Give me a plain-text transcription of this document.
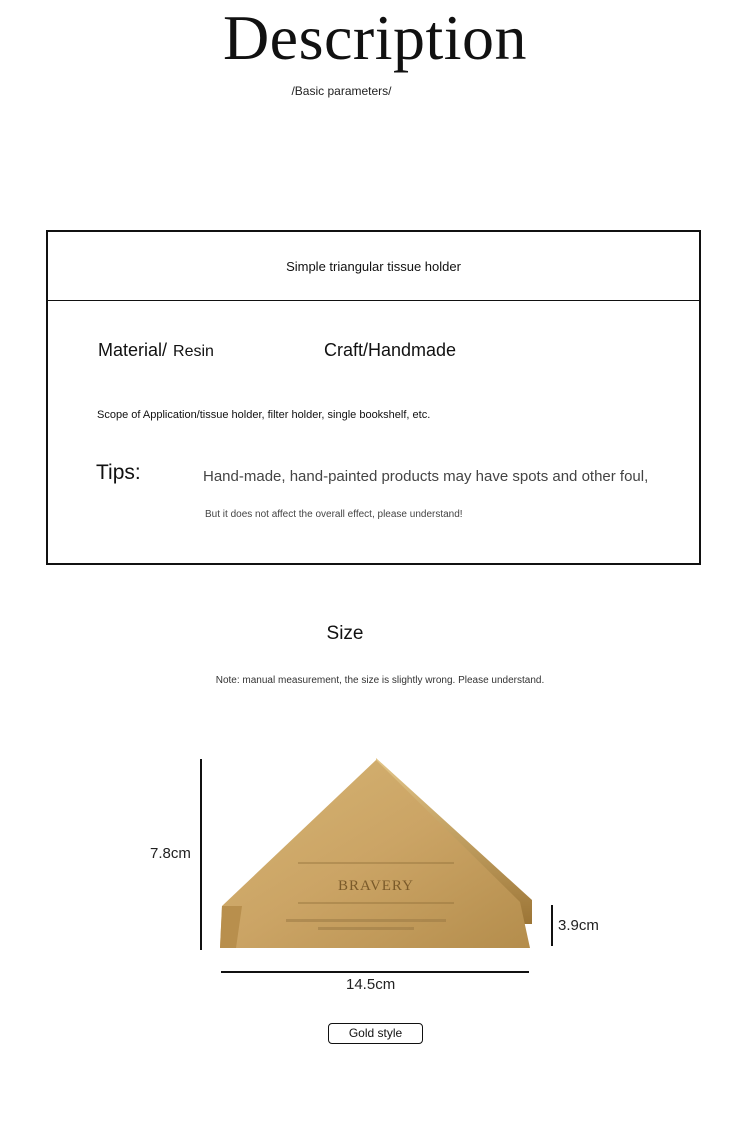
Description
/Basic parameters/
Simple triangular tissue holder
Material/ Resin	Craft/Handmade
Scope of Application/tissue holder, filter holder, single bookshelf, etc.
Tips:	Hand-made, hand-painted products may have spots and other foul,
But it does not affect the overall effect, please understand!
Size
Note: manual measurement, the size is slightly wrong. Please understand.
7.8cm
BRAVERY
3.9cm
14.5cm
Gold style
